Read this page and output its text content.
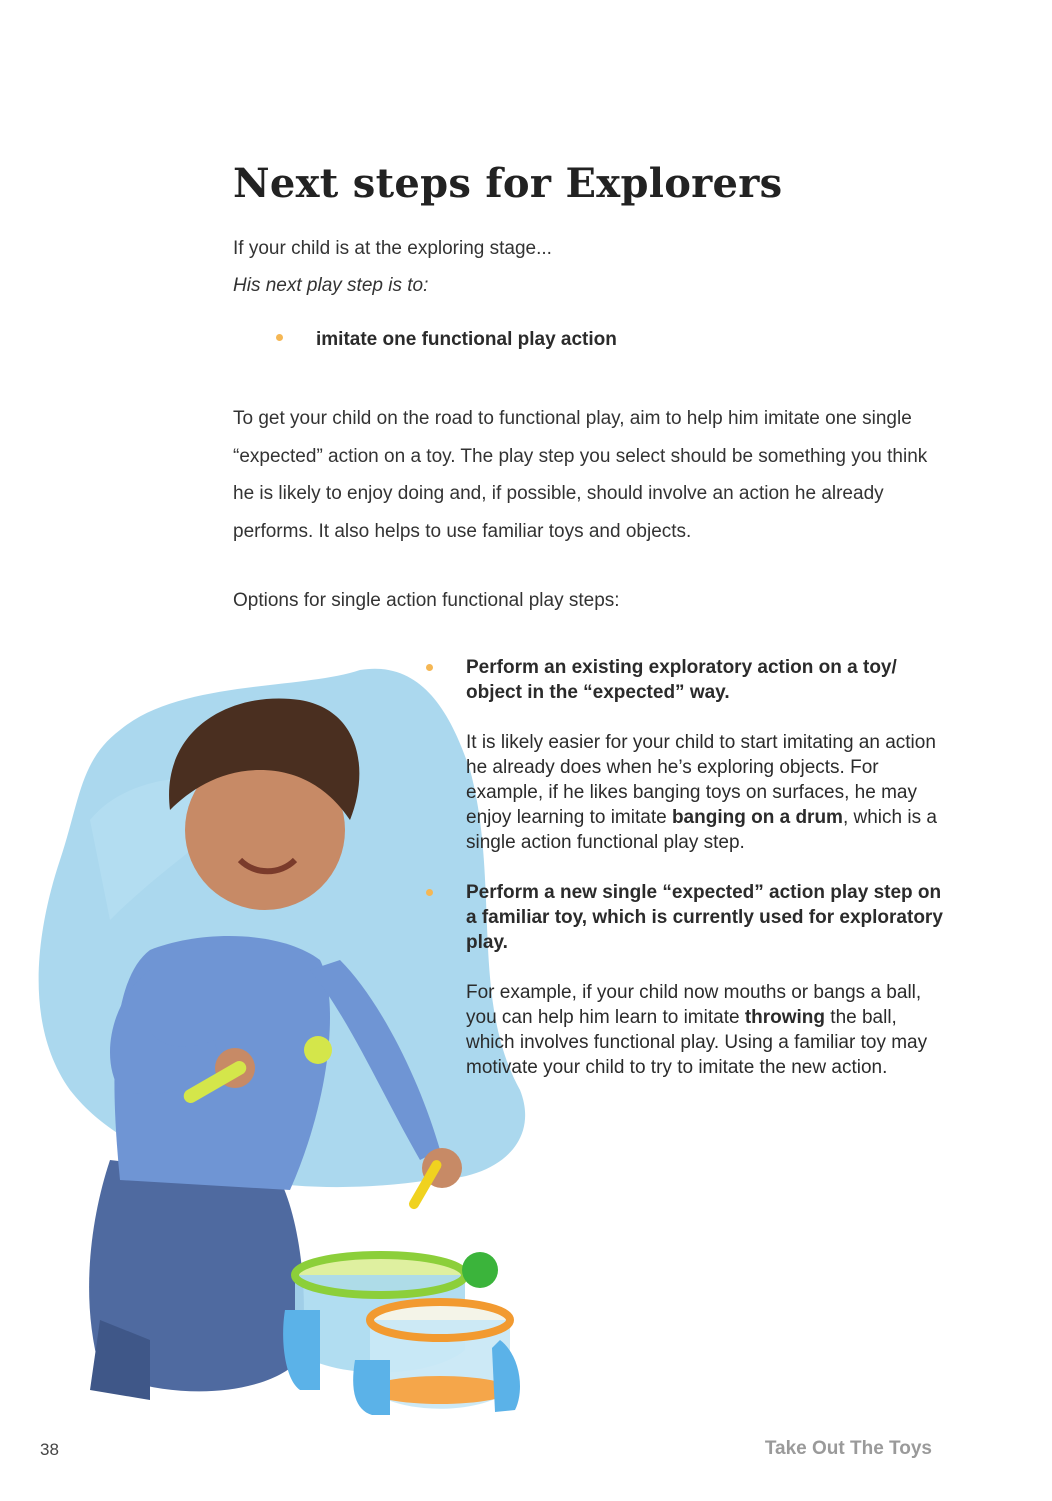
Next steps for Explorers
If your child is at the exploring stage...
His next play step is to:
imitate one functional play action
To get your child on the road to functional play, aim to help him imitate one single “expected” action on a toy. The play step you select should be something you think he is likely to enjoy doing and, if possible, should involve an action he already performs. It also helps to use familiar toys and objects.
Options for single action functional play steps:
Perform an existing exploratory action on a toy/ object in the “expected” way.
It is likely easier for your child to start imitating an action he already does when he’s exploring objects. For example, if he likes banging toys on surfaces, he may enjoy learning to imitate banging on a drum, which is a single action functional play step.
Perform a new single “expected” action play step on a familiar toy, which is currently used for exploratory play.
For example, if your child now mouths or bangs a ball, you can help him learn to imitate throwing the ball, which involves functional play. Using a familiar toy may motivate your child to try to imitate the new action.
38	Take Out The Toys
